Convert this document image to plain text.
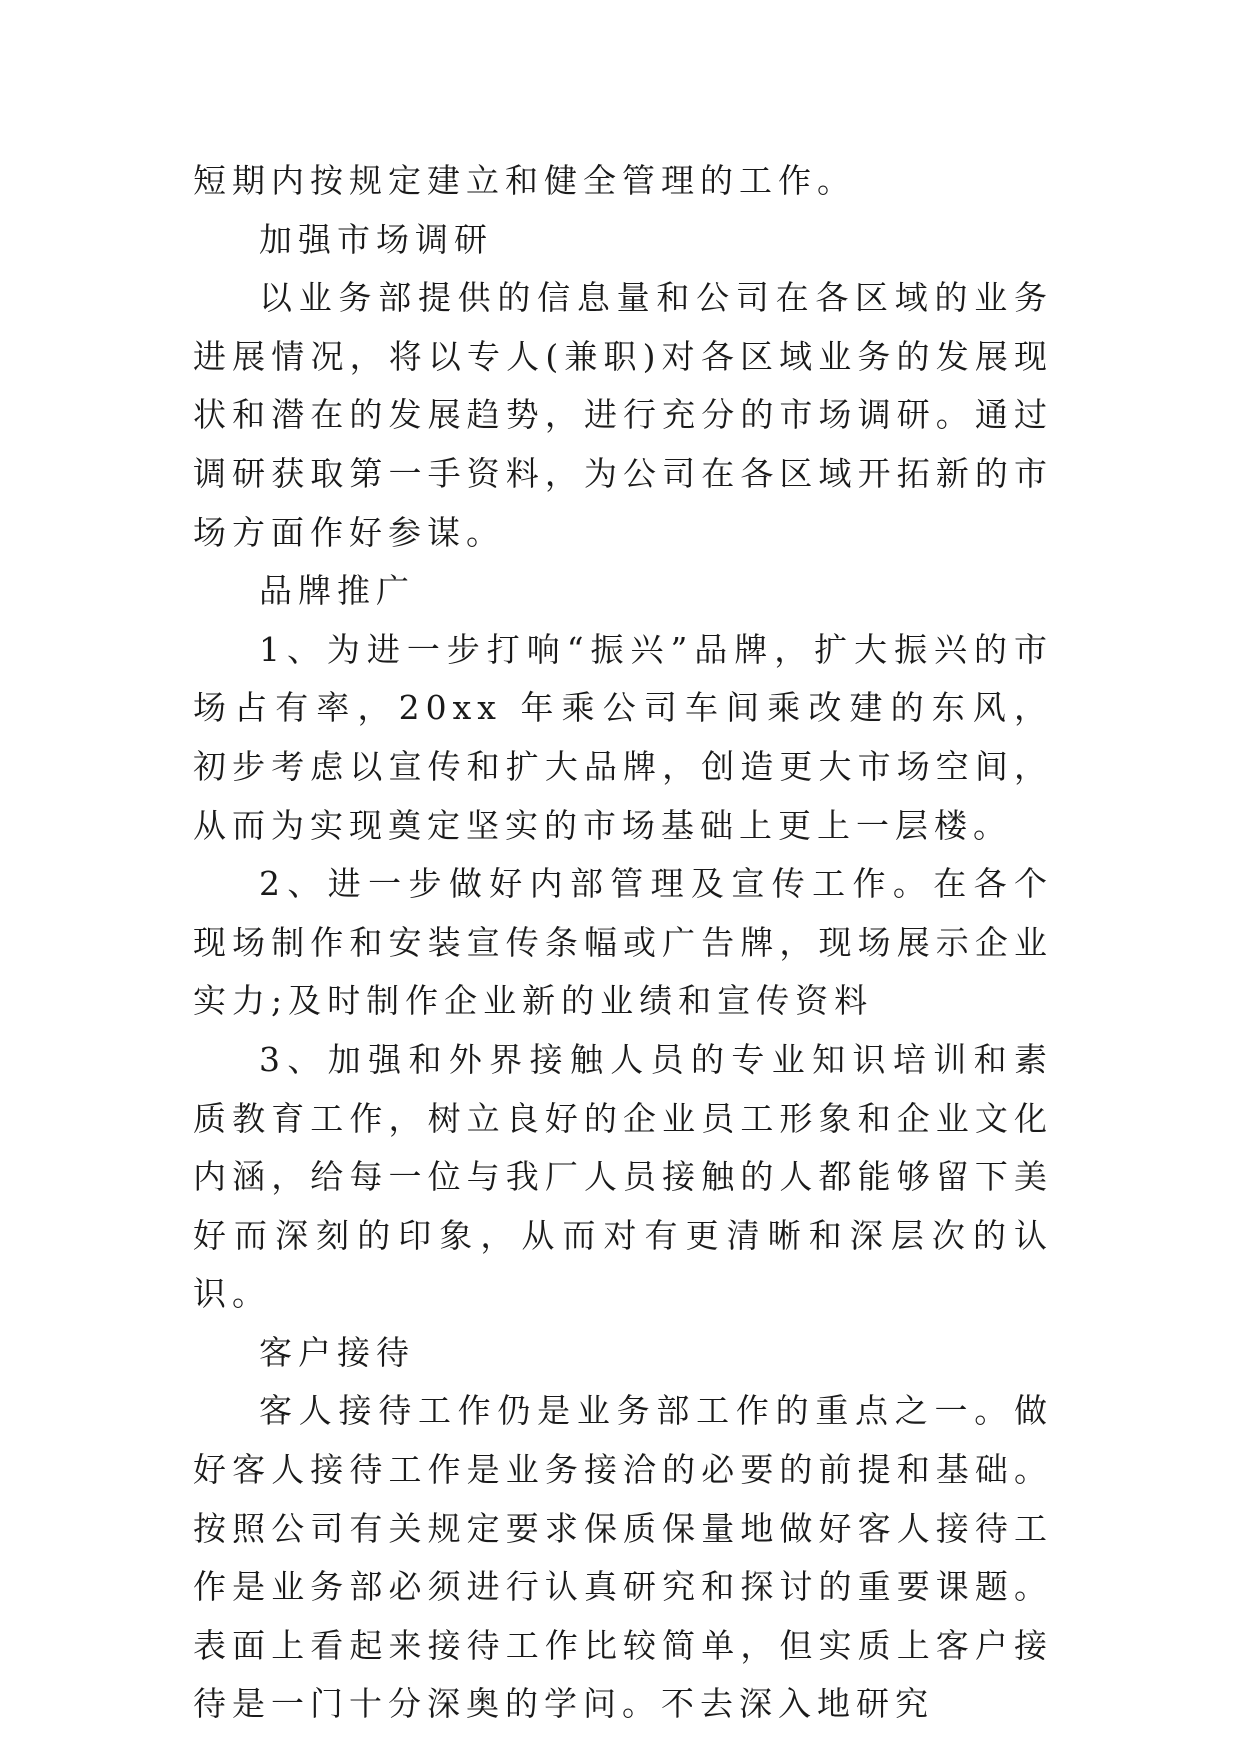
短期内按规定建立和健全管理的工作。

加强市场调研

以业务部提供的信息量和公司在各区域的业务进展情况，将以专人(兼职)对各区域业务的发展现状和潜在的发展趋势，进行充分的市场调研。通过调研获取第一手资料，为公司在各区域开拓新的市场方面作好参谋。

品牌推广

1、为进一步打响“振兴”品牌，扩大振兴的市场占有率，20xx 年乘公司车间乘改建的东风，初步考虑以宣传和扩大品牌，创造更大市场空间，从而为实现奠定坚实的市场基础上更上一层楼。

2、进一步做好内部管理及宣传工作。在各个现场制作和安装宣传条幅或广告牌，现场展示企业实力;及时制作企业新的业绩和宣传资料

3、加强和外界接触人员的专业知识培训和素质教育工作，树立良好的企业员工形象和企业文化内涵，给每一位与我厂人员接触的人都能够留下美好而深刻的印象，从而对有更清晰和深层次的认识。

客户接待

客人接待工作仍是业务部工作的重点之一。做好客人接待工作是业务接洽的必要的前提和基础。按照公司有关规定要求保质保量地做好客人接待工作是业务部必须进行认真研究和探讨的重要课题。表面上看起来接待工作比较简单，但实质上客户接待是一门十分深奥的学问。不去深入地研究
